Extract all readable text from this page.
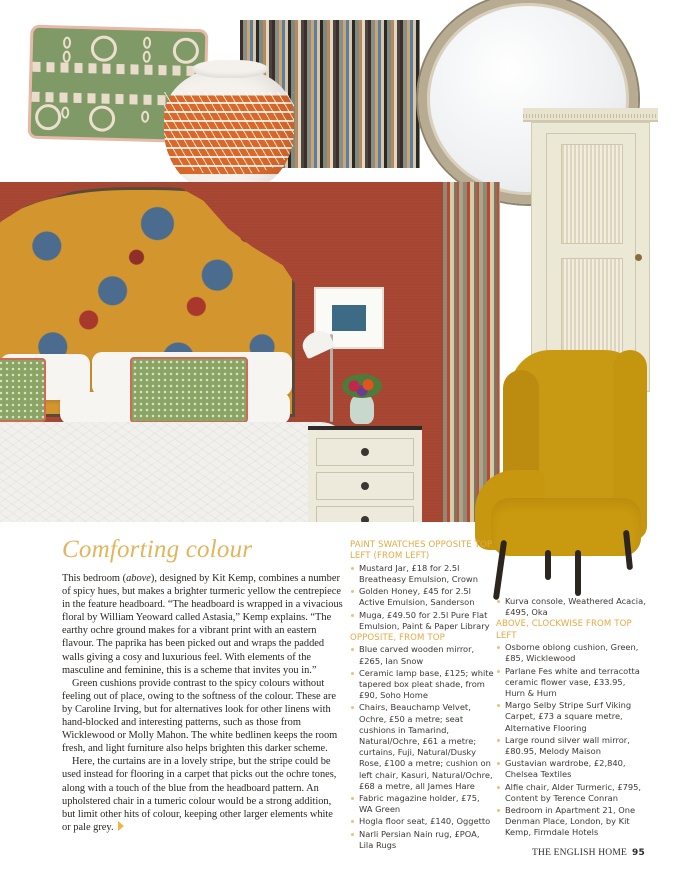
Comforting colour

This bedroom (above), designed by Kit Kemp, combines a number of spicy hues, but makes a brighter turmeric yellow the centrepiece in the feature headboard. “The headboard is wrapped in a vivacious floral by William Yeoward called Astasia,” Kemp explains. “The earthy ochre ground makes for a vibrant print with an eastern flavour. The paprika has been picked out and wraps the padded walls giving a cosy and luxurious feel. With elements of the masculine and feminine, this is a scheme that invites you in.”

Green cushions provide contrast to the spicy colours without feeling out of place, owing to the softness of the colour. These are by Caroline Irving, but for alternatives look for other linens with hand-blocked and interesting patterns, such as those from Wicklewood or Molly Mahon. The white bedlinen keeps the room fresh, and light furniture also helps brighten this darker scheme.

Here, the curtains are in a lovely stripe, but the stripe could be used instead for flooring in a carpet that picks out the ochre tones, along with a touch of the blue from the headboard pattern. An upholstered chair in a tumeric colour would be a strong addition, but limit other hits of colour, keeping other larger elements white or pale grey.

PAINT SWATCHES OPPOSITE TOP LEFT (FROM LEFT)
Mustard Jar, £18 for 2.5l Breatheasy Emulsion, Crown
Golden Honey, £45 for 2.5l Active Emulsion, Sanderson
Muga, £49.50 for 2.5l Pure Flat Emulsion, Paint & Paper Library
OPPOSITE, FROM TOP
Blue carved wooden mirror, £265, Ian Snow
Ceramic lamp base, £125; white tapered box pleat shade, from £90, Soho Home
Chairs, Beauchamp Velvet, Ochre, £50 a metre; seat cushions in Tamarind, Natural/Ochre, £61 a metre; curtains, Fuji, Natural/Dusky Rose, £100 a metre; cushion on left chair, Kasuri, Natural/Ochre, £68 a metre, all James Hare
Fabric magazine holder, £75, WA Green
Hogla floor seat, £140, Oggetto
Narli Persian Nain rug, £POA, Lila Rugs
Kurva console, Weathered Acacia, £495, Oka
ABOVE, CLOCKWISE FROM TOP LEFT
Osborne oblong cushion, Green, £85, Wicklewood
Parlane Fes white and terracotta ceramic flower vase, £33.95, Hurn & Hurn
Margo Selby Stripe Surf Viking Carpet, £73 a square metre, Alternative Flooring
Large round silver wall mirror, £80.95, Melody Maison
Gustavian wardrobe, £2,840, Chelsea Textiles
Alfie chair, Alder Turmeric, £795, Content by Terence Conran
Bedroom in Apartment 21, One Denman Place, London, by Kit Kemp, Firmdale Hotels
THE ENGLISH HOME 95
